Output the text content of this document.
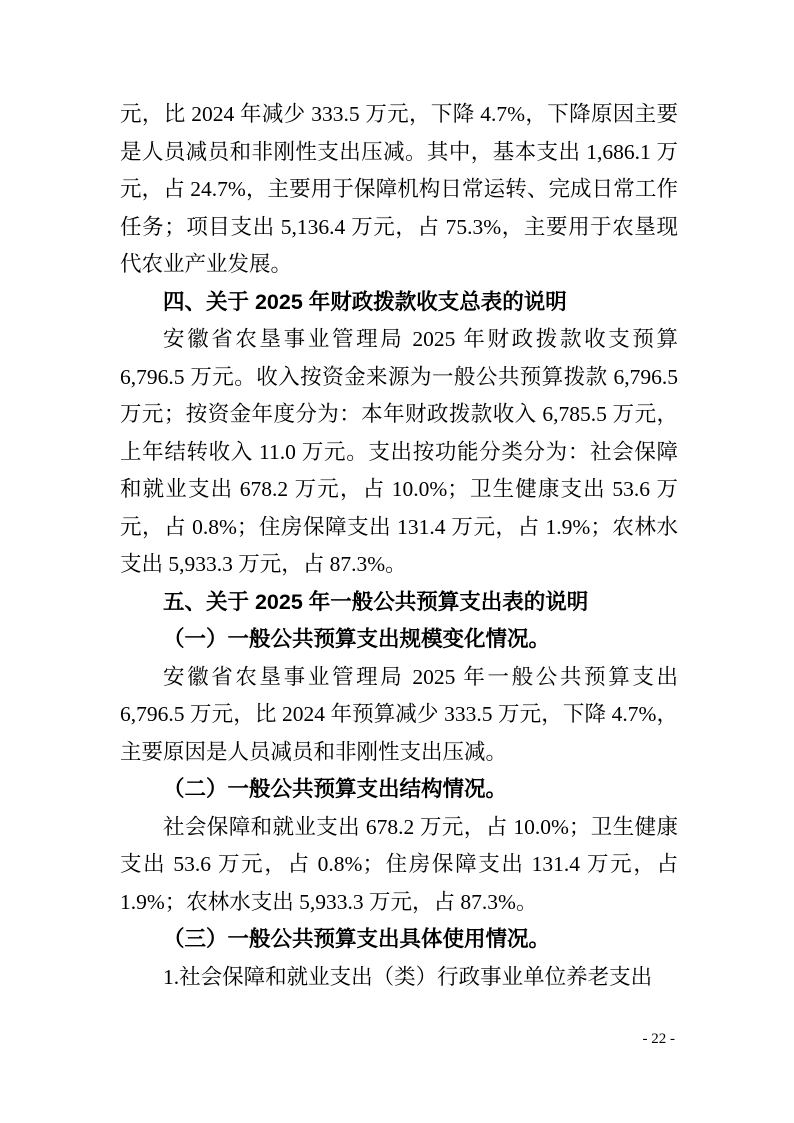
元，比 2024 年减少 333.5 万元，下降 4.7%，下降原因主要是人员减员和非刚性支出压减。其中，基本支出 1,686.1 万元，占 24.7%，主要用于保障机构日常运转、完成日常工作任务；项目支出 5,136.4 万元，占 75.3%，主要用于农垦现代农业产业发展。

四、关于 2025 年财政拨款收支总表的说明

安徽省农垦事业管理局 2025 年财政拨款收支预算 6,796.5 万元。收入按资金来源为一般公共预算拨款 6,796.5 万元；按资金年度分为：本年财政拨款收入 6,785.5 万元，上年结转收入 11.0 万元。支出按功能分类分为：社会保障和就业支出 678.2 万元，占 10.0%；卫生健康支出 53.6 万元，占 0.8%；住房保障支出 131.4 万元，占 1.9%；农林水支出 5,933.3 万元，占 87.3%。

五、关于 2025 年一般公共预算支出表的说明

（一）一般公共预算支出规模变化情况。

安徽省农垦事业管理局 2025 年一般公共预算支出 6,796.5 万元，比 2024 年预算减少 333.5 万元，下降 4.7%，主要原因是人员减员和非刚性支出压减。

（二）一般公共预算支出结构情况。

社会保障和就业支出 678.2 万元，占 10.0%；卫生健康支出 53.6 万元，占 0.8%；住房保障支出 131.4 万元，占 1.9%；农林水支出 5,933.3 万元，占 87.3%。

（三）一般公共预算支出具体使用情况。

1.社会保障和就业支出（类）行政事业单位养老支出

- 22 -
